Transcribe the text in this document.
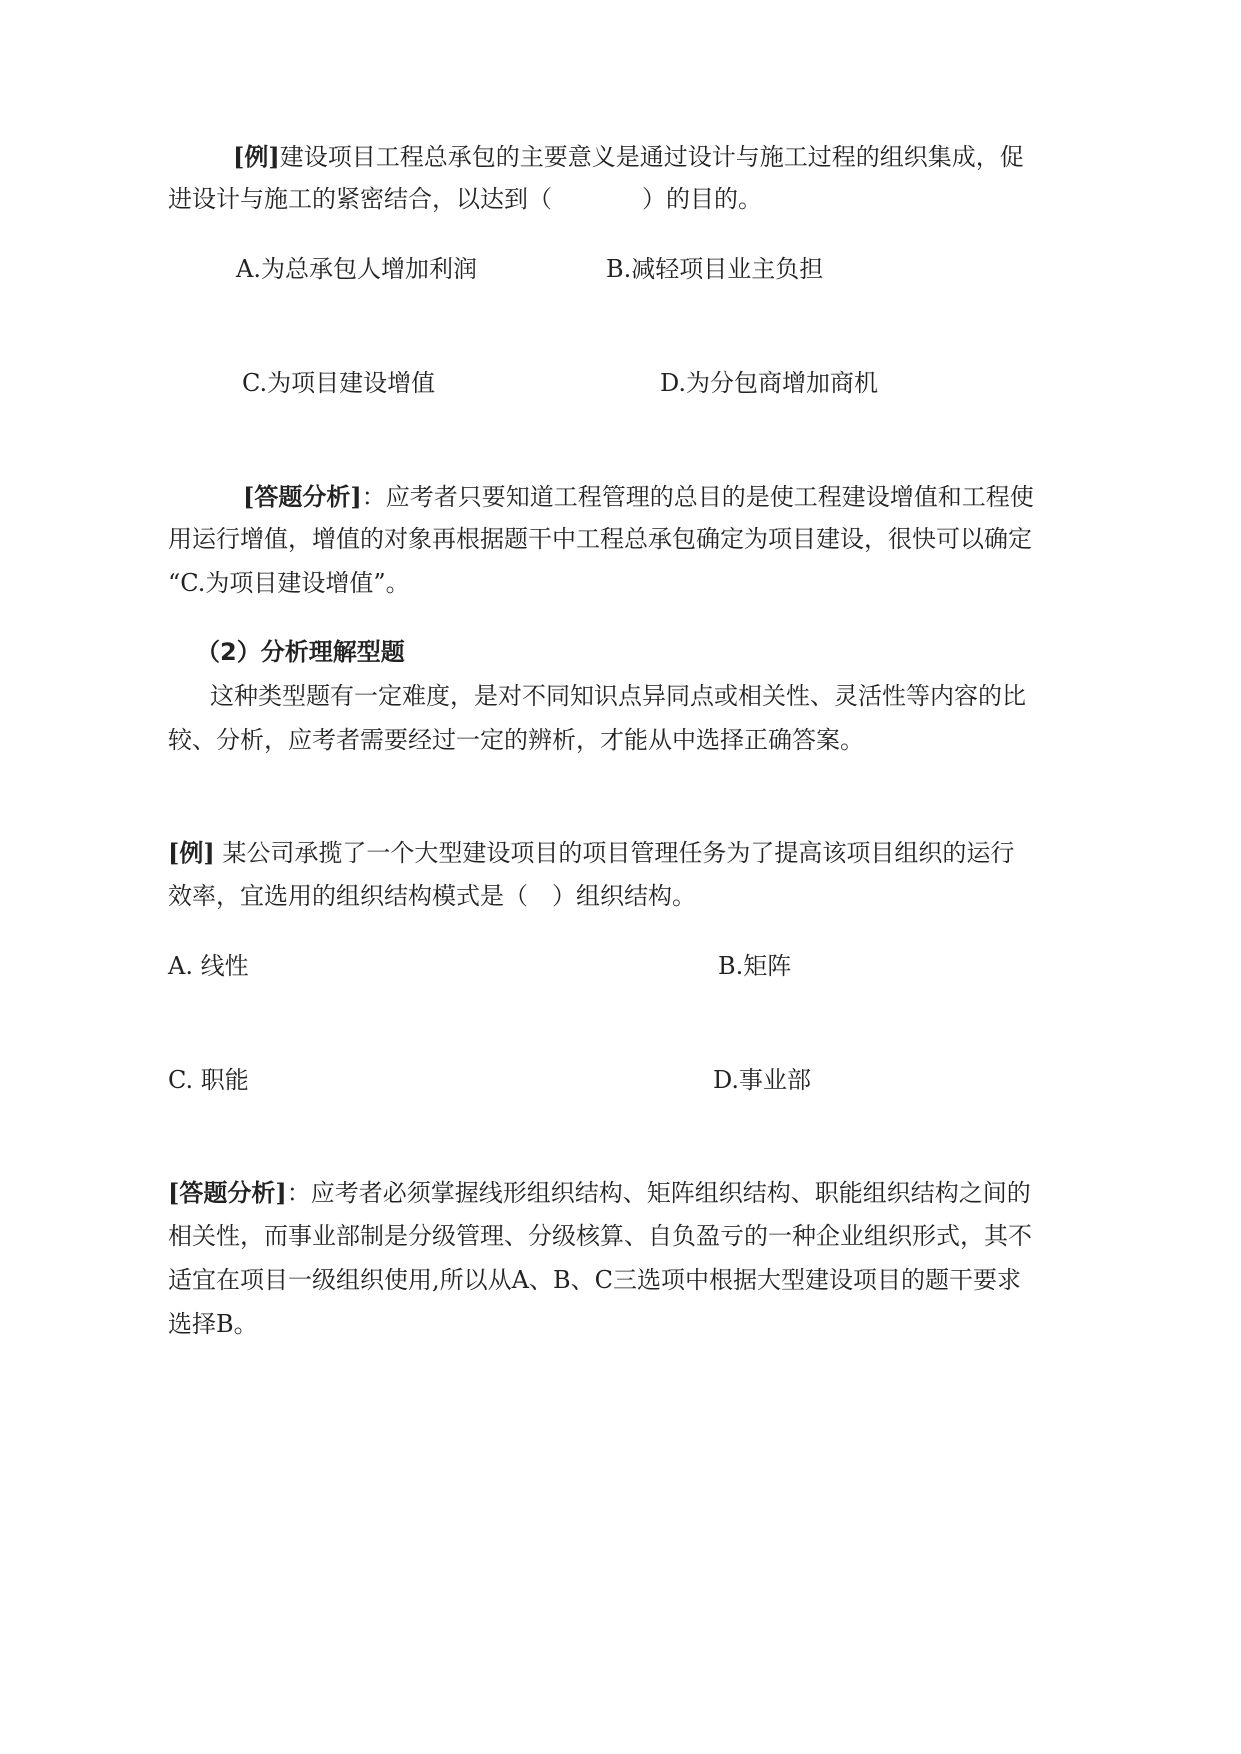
[例]建设项目工程总承包的主要意义是通过设计与施工过程的组织集成，促
进设计与施工的紧密结合，以达到（	）的目的。
A.为总承包人增加利润	B.减轻项目业主负担
C.为项目建设增值	D.为分包商增加商机
[答题分析]：应考者只要知道工程管理的总目的是使工程建设增值和工程使
用运行增值，增值的对象再根据题干中工程总承包确定为项目建设，很快可以确定
“C.为项目建设增值”。
（2）分析理解型题
这种类型题有一定难度，是对不同知识点异同点或相关性、灵活性等内容的比
较、分析，应考者需要经过一定的辨析，才能从中选择正确答案。
[例] 某公司承揽了一个大型建设项目的项目管理任务为了提高该项目组织的运行
效率，宜选用的组织结构模式是（　）组织结构。
A. 线性	B.矩阵
C. 职能	D.事业部
[答题分析]：应考者必须掌握线形组织结构、矩阵组织结构、职能组织结构之间的
相关性，而事业部制是分级管理、分级核算、自负盈亏的一种企业组织形式，其不
适宜在项目一级组织使用,所以从A、B、C三选项中根据大型建设项目的题干要求
选择B。
